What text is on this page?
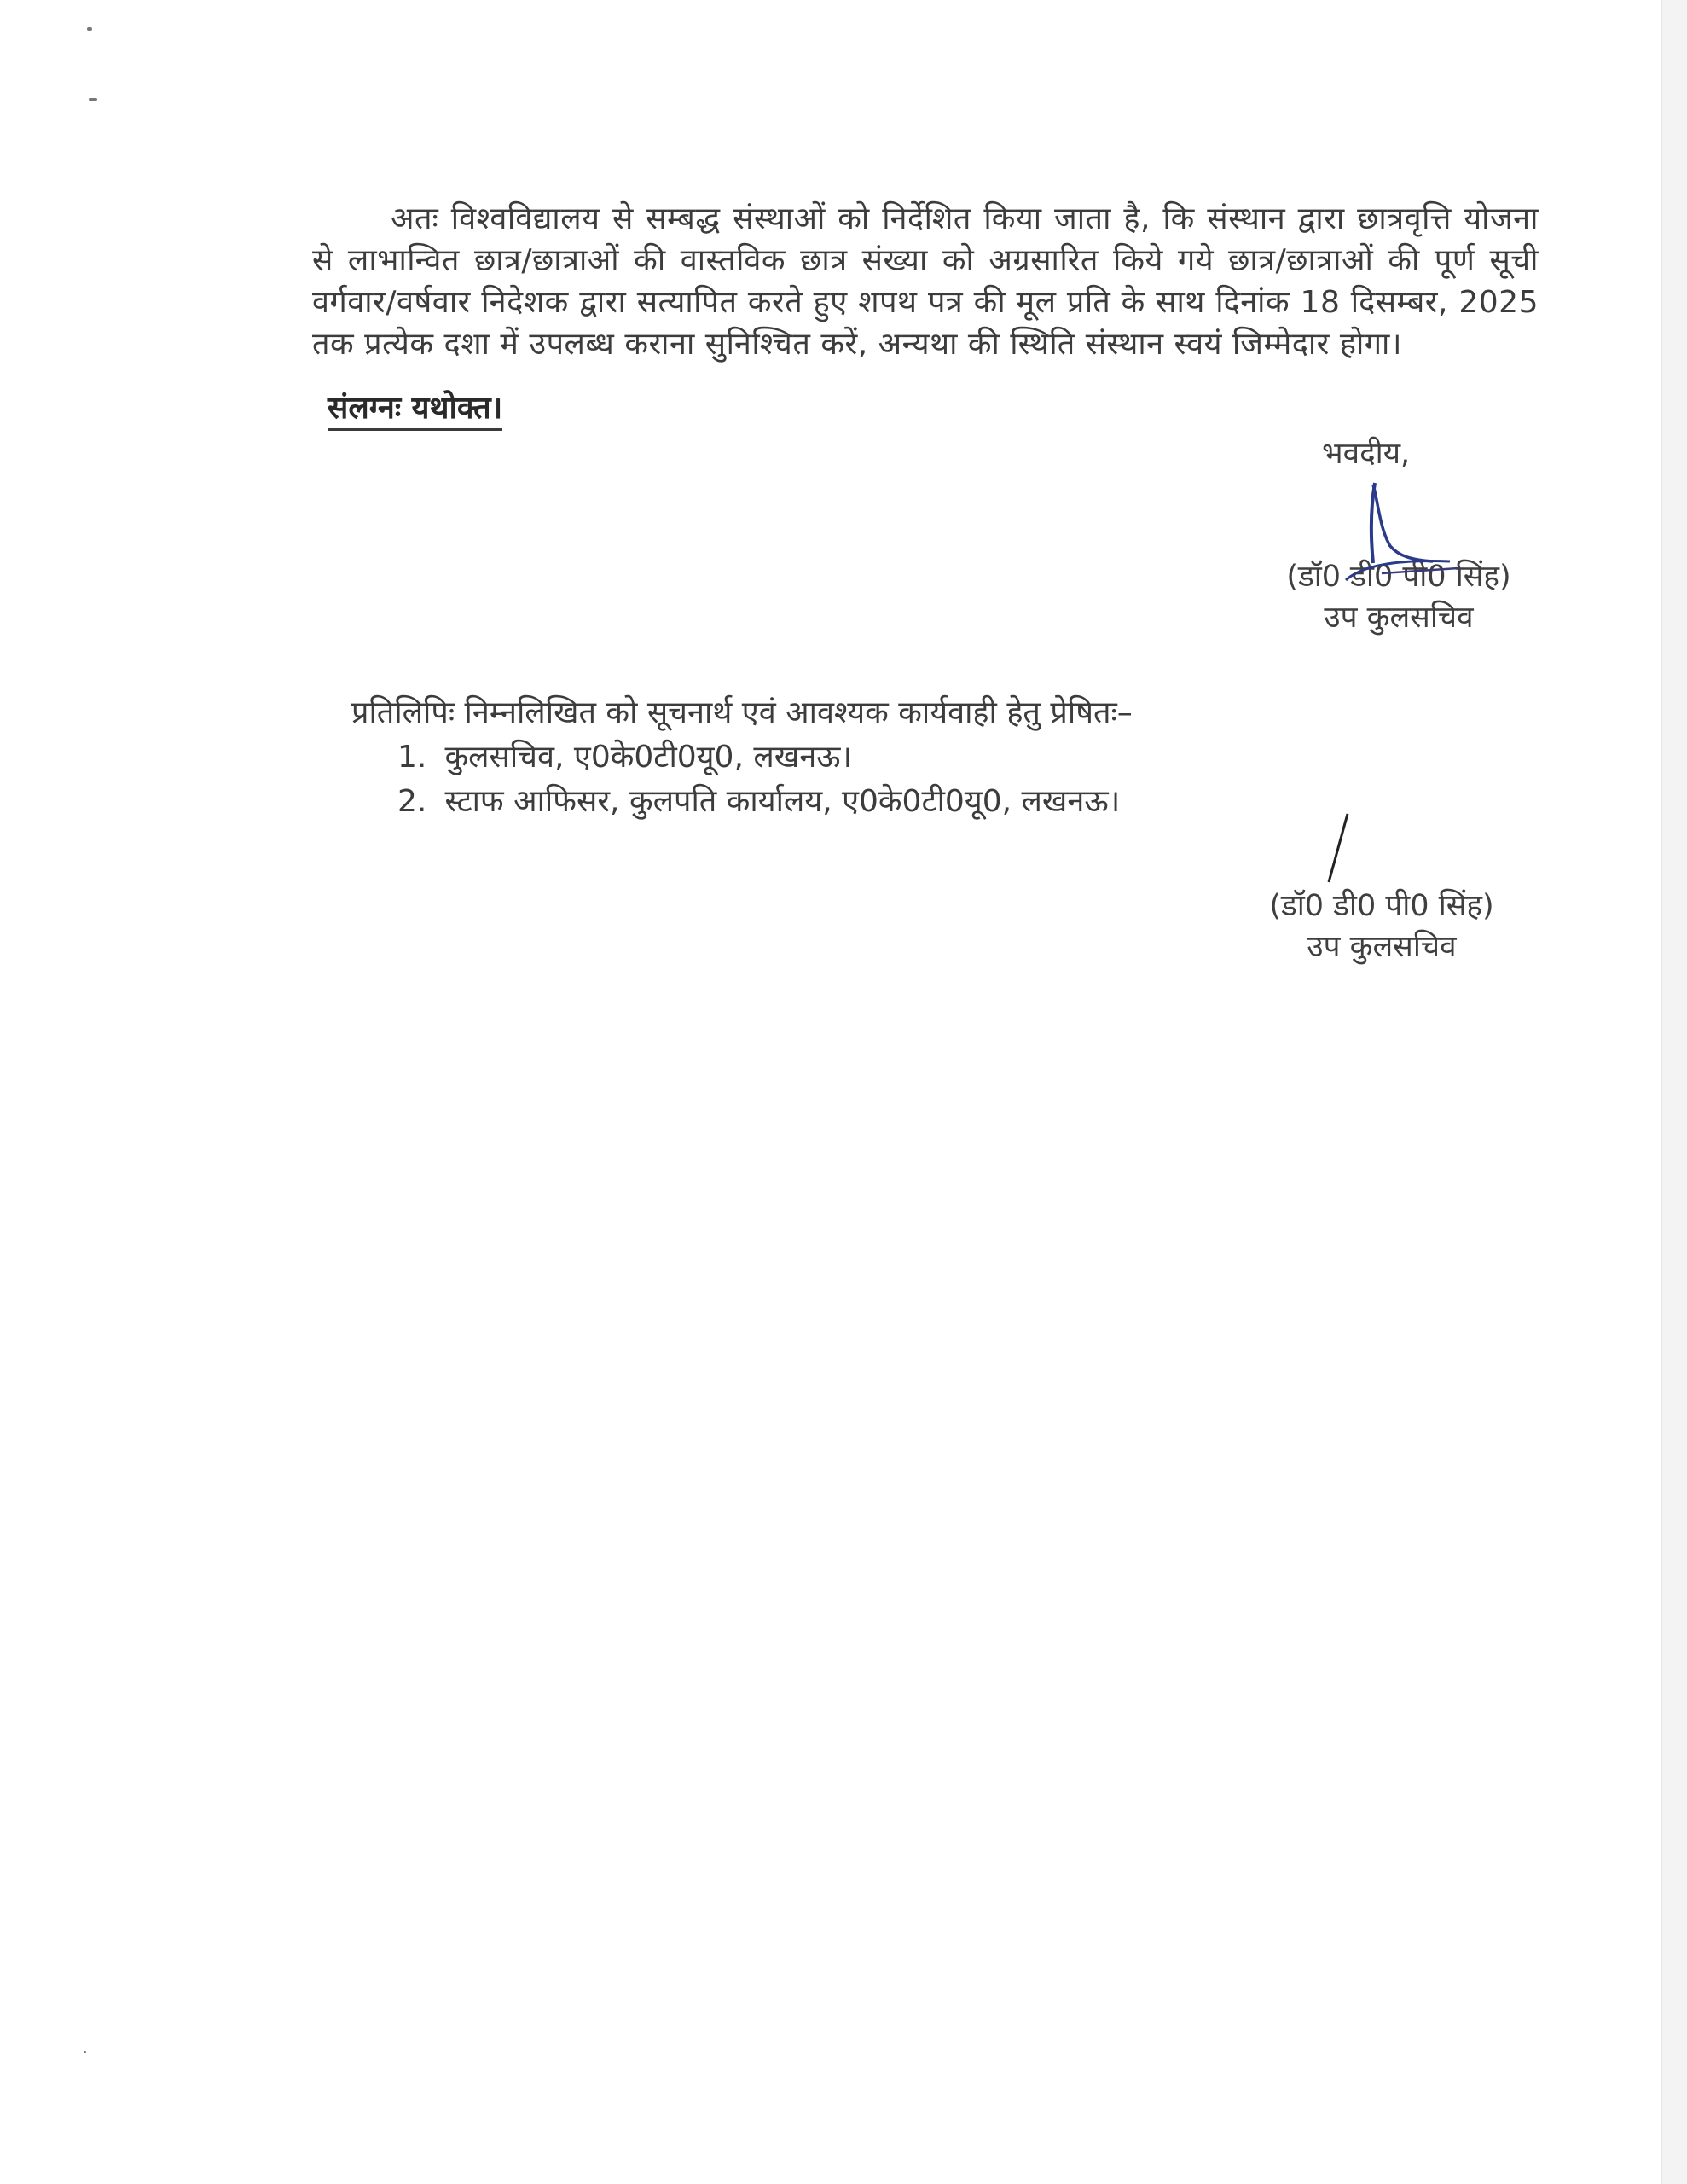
अतः विश्वविद्यालय से सम्बद्ध संस्थाओं को निर्देशित किया जाता है, कि संस्थान द्वारा छात्रवृत्ति योजना से लाभान्वित छात्र/छात्राओं की वास्तविक छात्र संख्या को अग्रसारित किये गये छात्र/छात्राओं की पूर्ण सूची वर्गवार/वर्षवार निदेशक द्वारा सत्यापित करते हुए शपथ पत्र की मूल प्रति के साथ दिनांक 18 दिसम्बर, 2025 तक प्रत्येक दशा में उपलब्ध कराना सुनिश्चित करें, अन्यथा की स्थिति संस्थान स्वयं जिम्मेदार होगा।

संलग्नः यथोक्त।
भवदीय,
(डॉ0 डी0 पी0 सिंह)
उप कुलसचिव
प्रतिलिपिः निम्नलिखित को सूचनार्थ एवं आवश्यक कार्यवाही हेतु प्रेषितः–
1. कुलसचिव, ए0के0टी0यू0, लखनऊ।
2. स्टाफ आफिसर, कुलपति कार्यालय, ए0के0टी0यू0, लखनऊ।
(डॉ0 डी0 पी0 सिंह)
उप कुलसचिव
